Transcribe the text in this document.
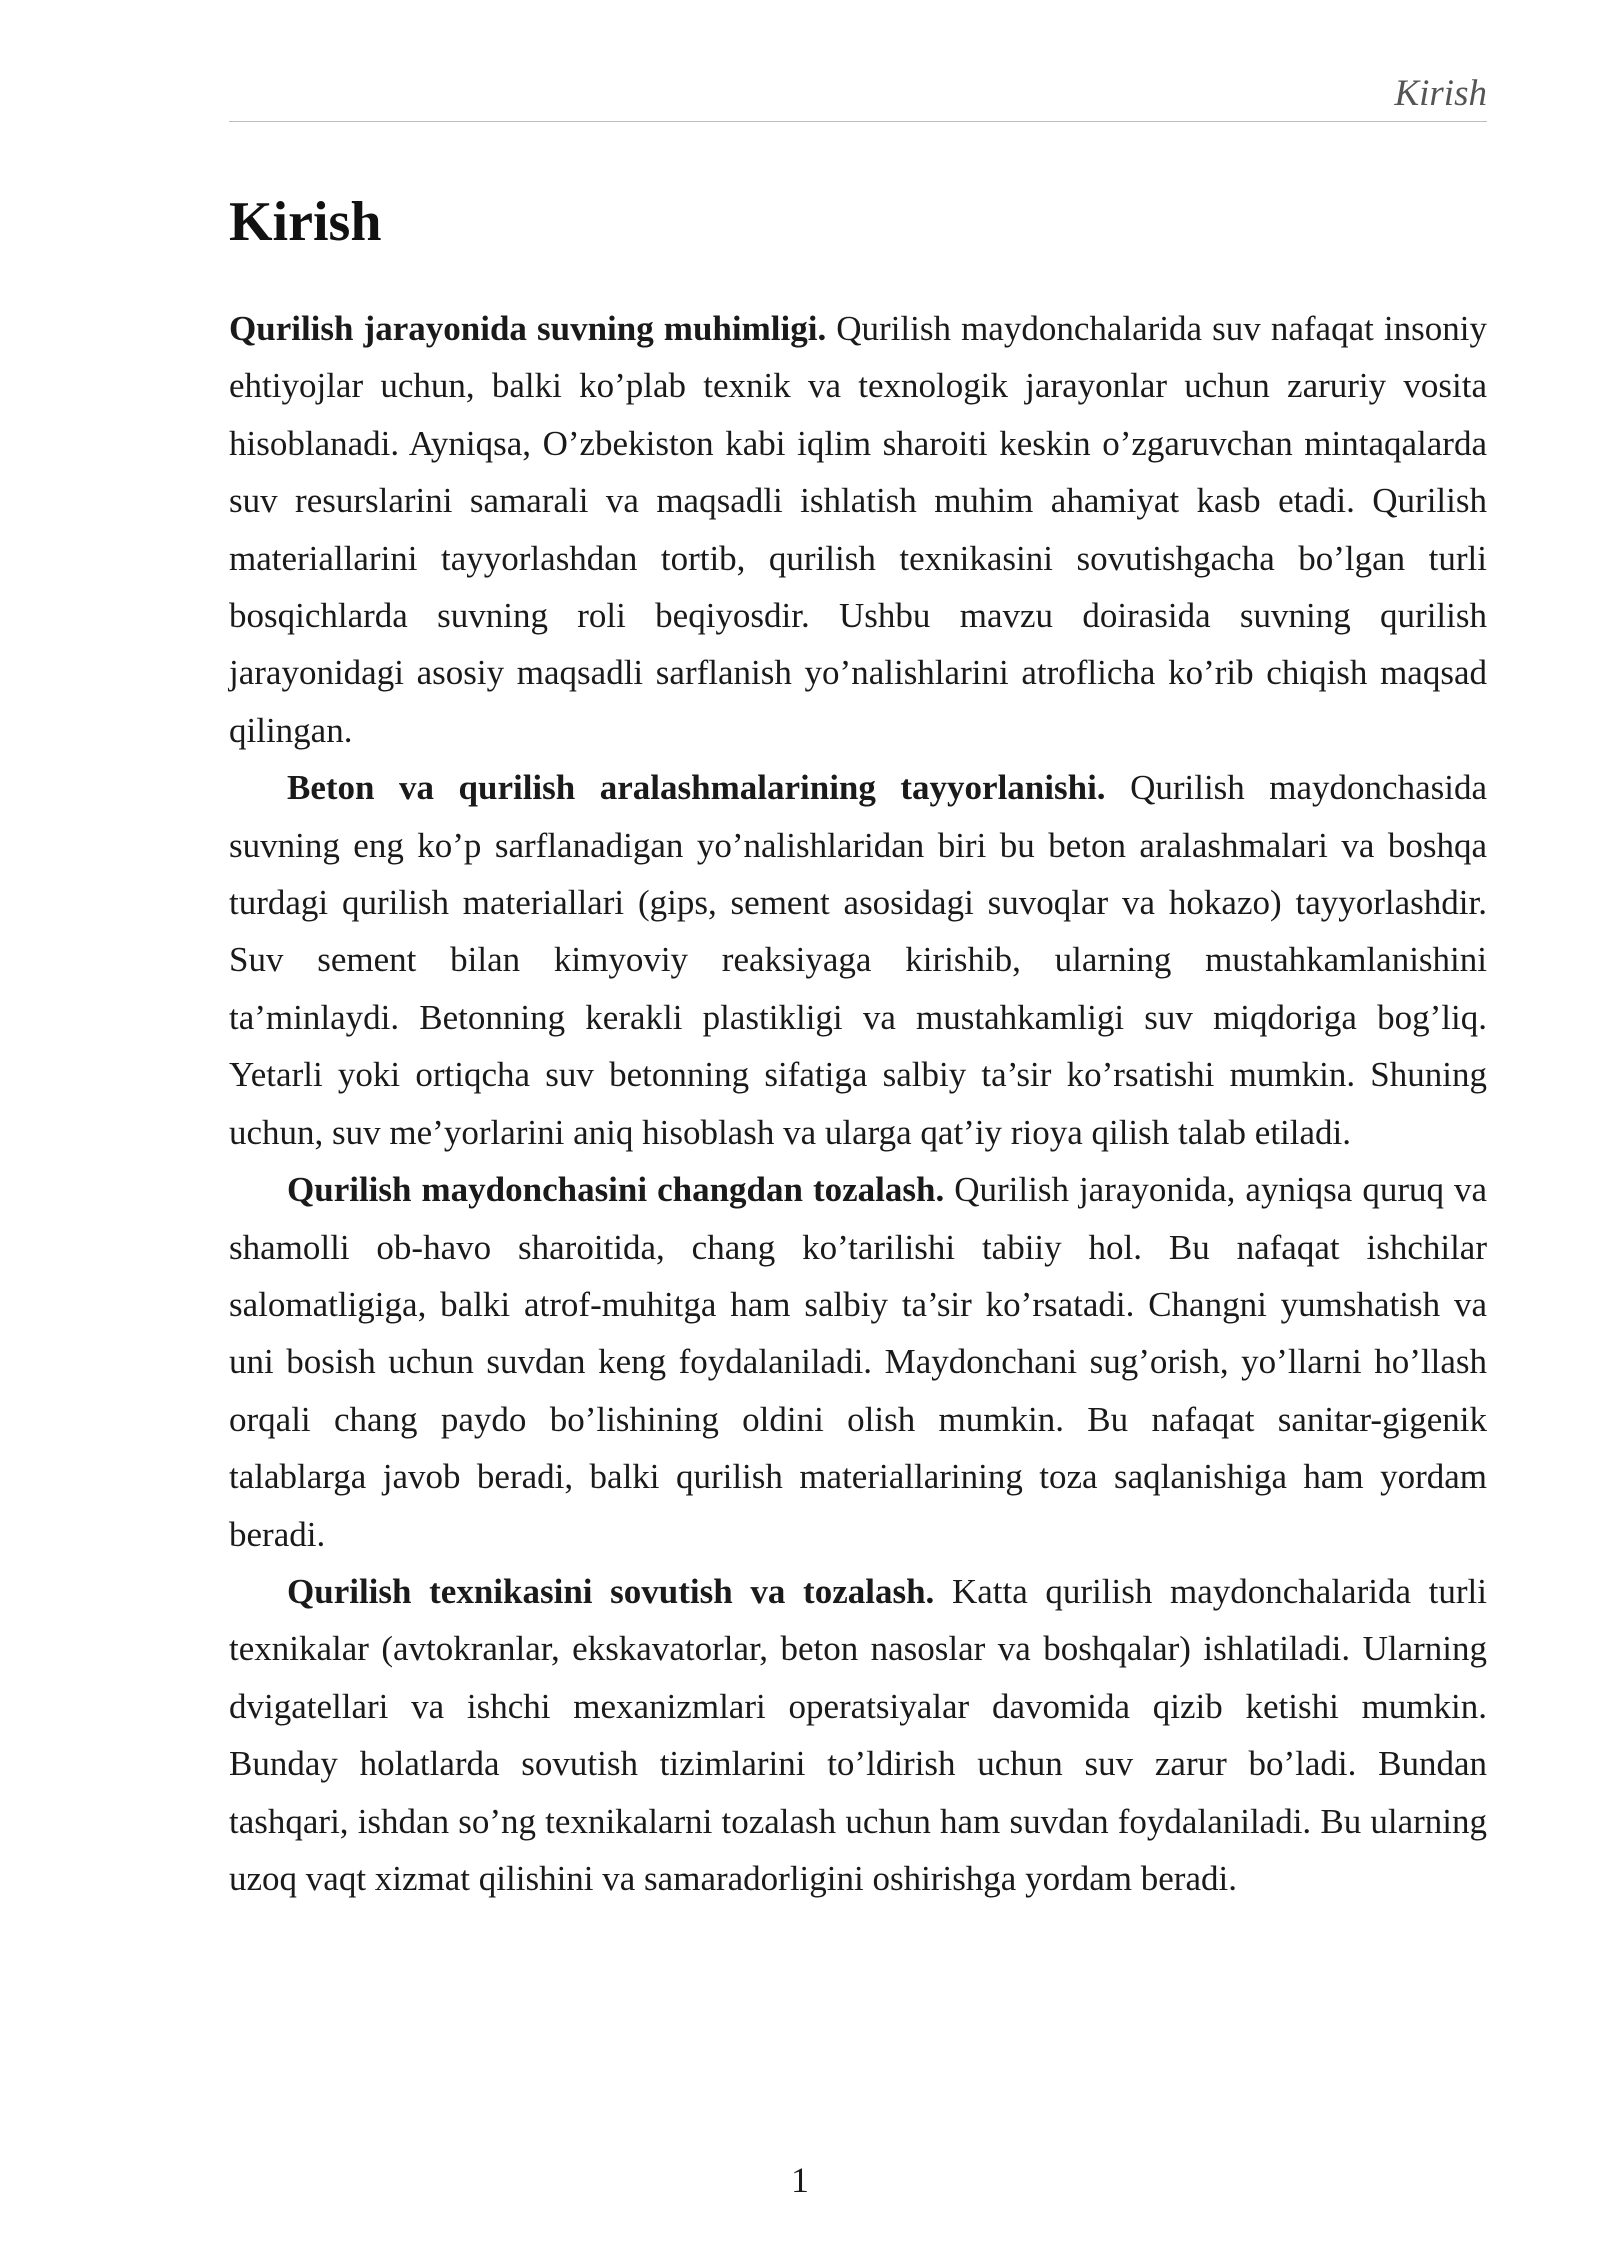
Kirish
Kirish

Qurilish jarayonida suvning muhimligi. Qurilish maydonchalarida suv nafaqat insoniy ehtiyojlar uchun, balki ko’plab texnik va texnologik jarayonlar uchun zaruriy vosita hisoblanadi. Ayniqsa, O’zbekiston kabi iqlim sharoiti keskin o’zgaruvchan mintaqalarda suv resurslarini samarali va maqsadli ishlatish muhim ahamiyat kasb etadi. Qurilish materiallarini tayyorlashdan tortib, qurilish texnikasini sovutishgacha bo’lgan turli bosqichlarda suvning roli beqiyosdir. Ushbu mavzu doirasida suvning qurilish jarayonidagi asosiy maqsadli sarflanish yo’nalishlarini atroflicha ko’rib chiqish maqsad qilingan.

Beton va qurilish aralashmalarining tayyorlanishi. Qurilish maydonchasida suvning eng ko’p sarflanadigan yo’nalishlaridan biri bu beton aralashmalari va boshqa turdagi qurilish materiallari (gips, sement asosidagi suvoqlar va hokazo) tayyorlashdir. Suv sement bilan kimyoviy reaksiyaga kirishib, ularning mustahkamlanishini ta’minlaydi. Betonning kerakli plastikligi va mustahkamligi suv miqdoriga bog’liq. Yetarli yoki ortiqcha suv betonning sifatiga salbiy ta’sir ko’rsatishi mumkin. Shuning uchun, suv me’yorlarini aniq hisoblash va ularga qat’iy rioya qilish talab etiladi.

Qurilish maydonchasini changdan tozalash. Qurilish jarayonida, ayniqsa quruq va shamolli ob-havo sharoitida, chang ko’tarilishi tabiiy hol. Bu nafaqat ishchilar salomatligiga, balki atrof-muhitga ham salbiy ta’sir ko’rsatadi. Changni yumshatish va uni bosish uchun suvdan keng foydalaniladi. Maydonchani sug’orish, yo’llarni ho’llash orqali chang paydo bo’lishining oldini olish mumkin. Bu nafaqat sanitar-gigenik talablarga javob beradi, balki qurilish materiallarining toza saqlanishiga ham yordam beradi.

Qurilish texnikasini sovutish va tozalash. Katta qurilish maydonchalarida turli texnikalar (avtokranlar, ekskavatorlar, beton nasoslar va boshqalar) ishlatiladi. Ularning dvigatellari va ishchi mexanizmlari operatsiyalar davomida qizib ketishi mumkin. Bunday holatlarda sovutish tizimlarini to’ldirish uchun suv zarur bo’ladi. Bundan tashqari, ishdan so’ng texnikalarni tozalash uchun ham suvdan foydalaniladi. Bu ularning uzoq vaqt xizmat qilishini va samaradorligini oshirishga yordam beradi.

1
